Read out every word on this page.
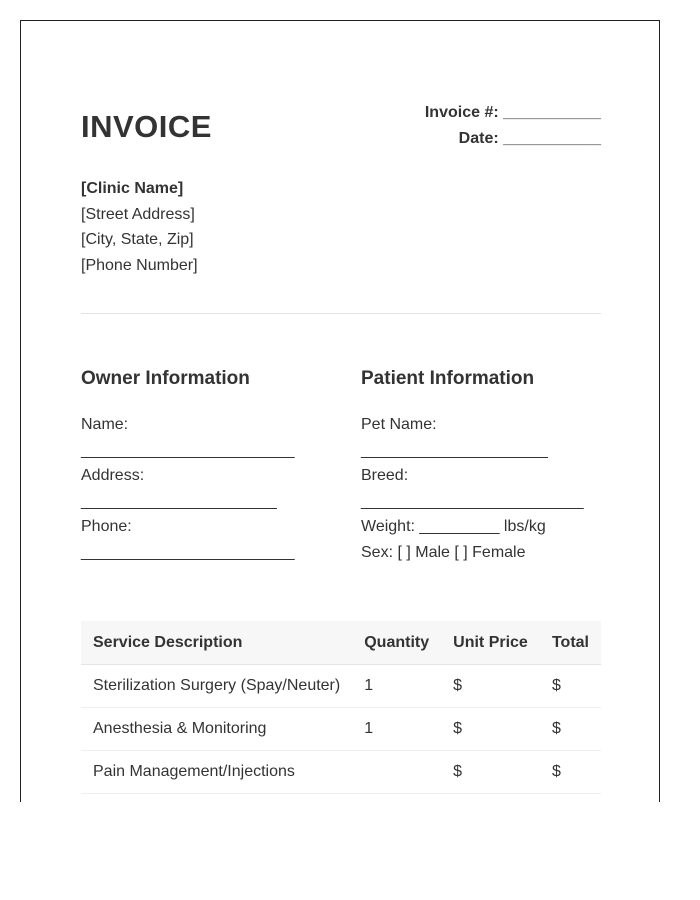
INVOICE	Invoice #: ___________
Date: ___________
[Clinic Name]
[Street Address]
[City, State, Zip]
[Phone Number]
Owner Information
Name:
________________________
Address:
______________________
Phone:
________________________
Patient Information
Pet Name:
_____________________
Breed:
_________________________
Weight: _________ lbs/kg
Sex: [ ] Male [ ] Female
Service Description	Quantity	Unit Price	Total
Sterilization Surgery (Spay/Neuter)	1	$	$
Anesthesia & Monitoring	1	$	$
Pain Management/Injections		$	$
